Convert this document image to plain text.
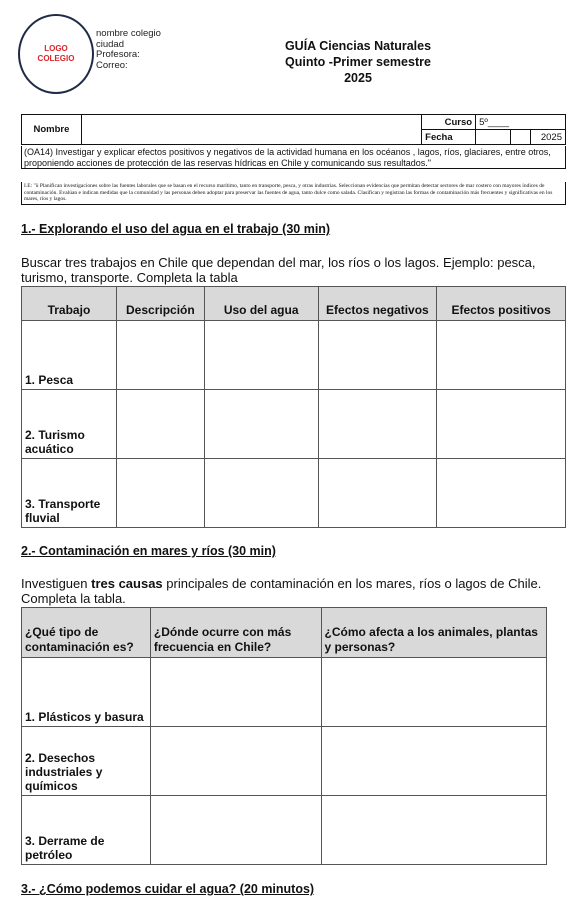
LOGO COLEGIO
nombre colegio
ciudad
Profesora:
Correo:
GUÍA Ciencias Naturales
Quinto -Primer semestre
2025
Nombre		Curso	5º____		
		Fecha			2025
(OA14) Investigar y explicar efectos positivos y negativos de la actividad humana en los océanos , lagos, ríos, glaciares, entre otros, proponiendo acciones de protección de las reservas hídricas en Chile y comunicando sus resultados."
I.E: "ü Planifican investigaciones sobre las fuentes laborales que se basan en el recurso marítimo, tanto en transporte, pesca, y otras industrias. Seleccionan evidencias que permitan detectar sectores de mar costero con mayores índices de contaminación. Evalúan e indican medidas que la comunidad y las personas deben adoptar para preservar las fuentes de agua, tanto dulce como salada. Clasifican y registran las formas de contaminación más frecuentes y significativas en los mares, ríos y lagos.
1.- Explorando el uso del agua en el trabajo (30 min)
Buscar tres trabajos en Chile que dependan del mar, los ríos o los lagos. Ejemplo: pesca, turismo, transporte. Completa la tabla
Trabajo	Descripción	Uso del agua	Efectos negativos	Efectos positivos
1. Pesca				
2. Turismo acuático				
3. Transporte fluvial				
2.- Contaminación en mares y ríos (30 min)
Investiguen tres causas principales de contaminación en los mares, ríos o lagos de Chile. Completa la tabla.
¿Qué tipo de contaminación es?	¿Dónde ocurre con más frecuencia en Chile?	¿Cómo afecta a los animales, plantas y personas?
1. Plásticos y basura		
2. Desechos industriales y químicos		
3. Derrame de petróleo		
3.- ¿Cómo podemos cuidar el agua? (20 minutos)
